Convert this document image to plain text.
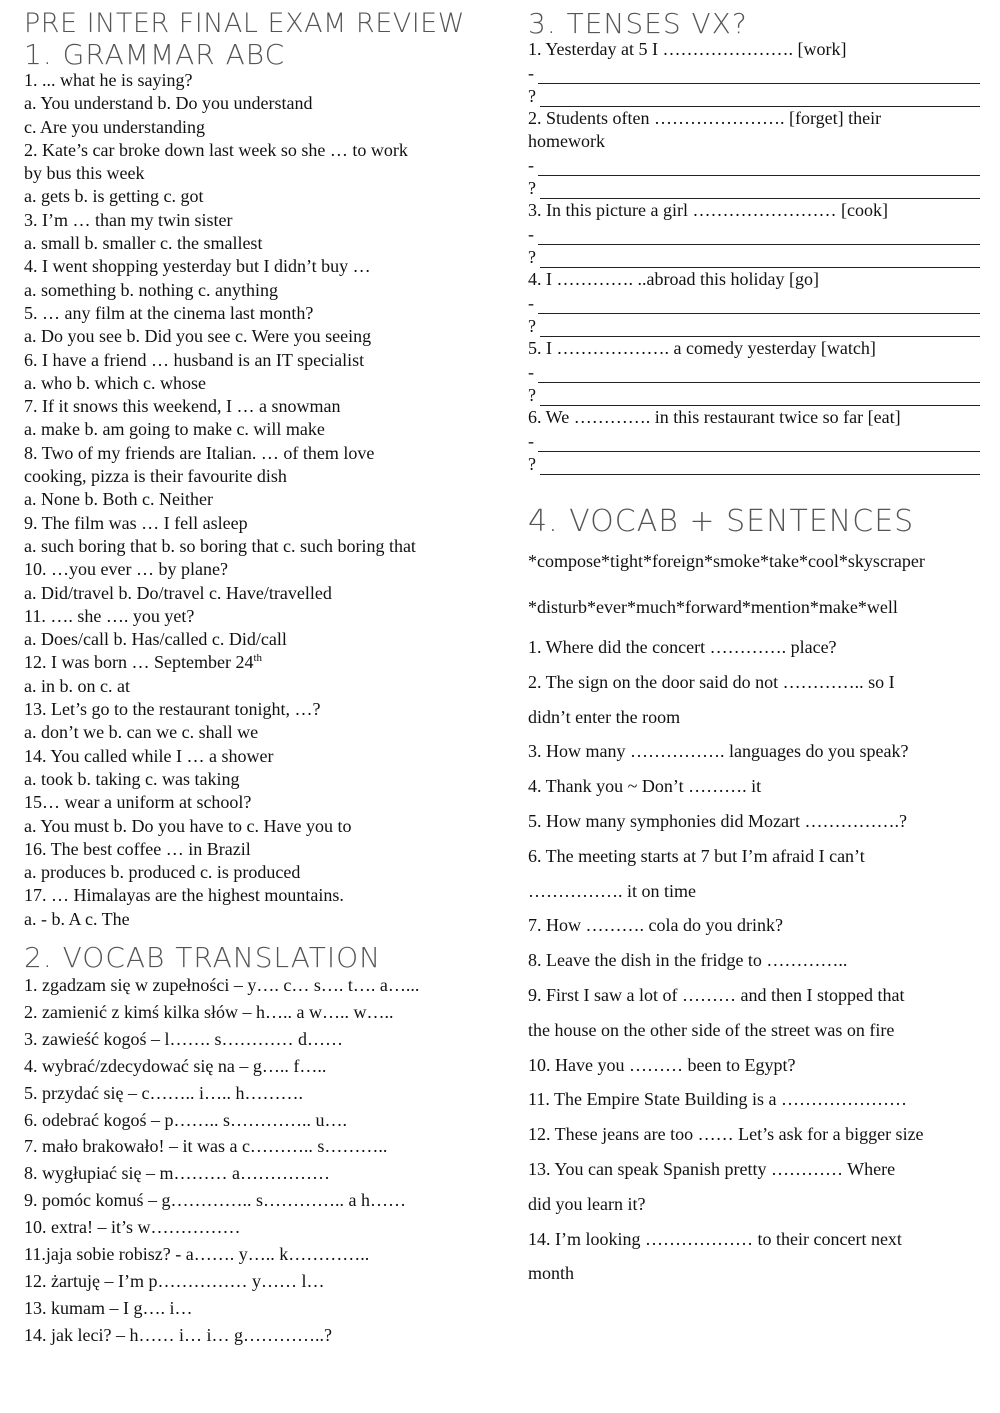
PRE INTER FINAL EXAM REVIEW
1. GRAMMAR ABC
1. ... what he is saying?
a. You understand b. Do you understand
c. Are you understanding
2. Kate’s car broke down last week so she … to work
by bus this week
a. gets b. is getting c. got
3. I’m … than my twin sister
a. small b. smaller c. the smallest
4. I went shopping yesterday but I didn’t buy …
a. something b. nothing c. anything
5. … any film at the cinema last month?
a. Do you see b. Did you see c. Were you seeing
6. I have a friend … husband is an IT specialist
a. who b. which c. whose
7. If it snows this weekend, I … a snowman
a. make b. am going to make c. will make
8. Two of my friends are Italian. … of them love
cooking, pizza is their favourite dish
a. None b. Both c. Neither
9. The film was … I fell asleep
a. such boring that b. so boring that c. such boring that
10. …you ever … by plane?
a. Did/travel b. Do/travel c. Have/travelled
11. …. she …. you yet?
a. Does/call b. Has/called c. Did/call
12. I was born … September 24th
a. in b. on c. at
13. Let’s go to the restaurant tonight, …?
a. don’t we b. can we c. shall we
14. You called while I … a shower
a. took b. taking c. was taking
15… wear a uniform at school?
a. You must b. Do you have to c. Have you to
16. The best coffee … in Brazil
a. produces b. produced c. is produced
17. … Himalayas are the highest mountains.
a. - b. A c. The
2. VOCAB TRANSLATION
1. zgadzam się w zupełności – y…. c… s…. t…. a…...
2. zamienić z kimś kilka słów – h….. a w….. w…..
3. zawieść kogoś – l……. s………… d……
4. wybrać/zdecydować się na – g….. f…..
5. przydać się – c…….. i….. h……….
6. odebrać kogoś – p…….. s………….. u….
7. mało brakowało! – it was a c……….. s………..
8. wygłupiać się – m……… a……………
9. pomóc komuś – g………….. s………….. a h……
10. extra! – it’s w……………
11.jaja sobie robisz? - a……. y….. k…………..
12. żartuję – I’m p…………… y…… l…
13. kumam – I g…. i…
14. jak leci? – h…… i… i… g…………..?
3. TENSES VX?
1. Yesterday at 5 I …………………. [work]
-
?
2. Students often …………………. [forget] their
homework
-
?
3. In this picture a girl …………………… [cook]
-
?
4. I …………. ..abroad this holiday [go]
-
?
5. I ………………. a comedy yesterday [watch]
-
?
6. We …………. in this restaurant twice so far [eat]
-
?
4. VOCAB + SENTENCES
*compose*tight*foreign*smoke*take*cool*skyscraper
*disturb*ever*much*forward*mention*make*well
1. Where did the concert …………. place?
2. The sign on the door said do not ………….. so I
didn’t enter the room
3. How many ……………. languages do you speak?
4. Thank you ~ Don’t ………. it
5. How many symphonies did Mozart …………….?
6. The meeting starts at 7 but I’m afraid I can’t
……………. it on time
7. How ………. cola do you drink?
8. Leave the dish in the fridge to …………..
9. First I saw a lot of ……… and then I stopped that
the house on the other side of the street was on fire
10. Have you ……… been to Egypt?
11. The Empire State Building is a …………………
12. These jeans are too …… Let’s ask for a bigger size
13. You can speak Spanish pretty ………… Where
did you learn it?
14. I’m looking ……………… to their concert next
month
